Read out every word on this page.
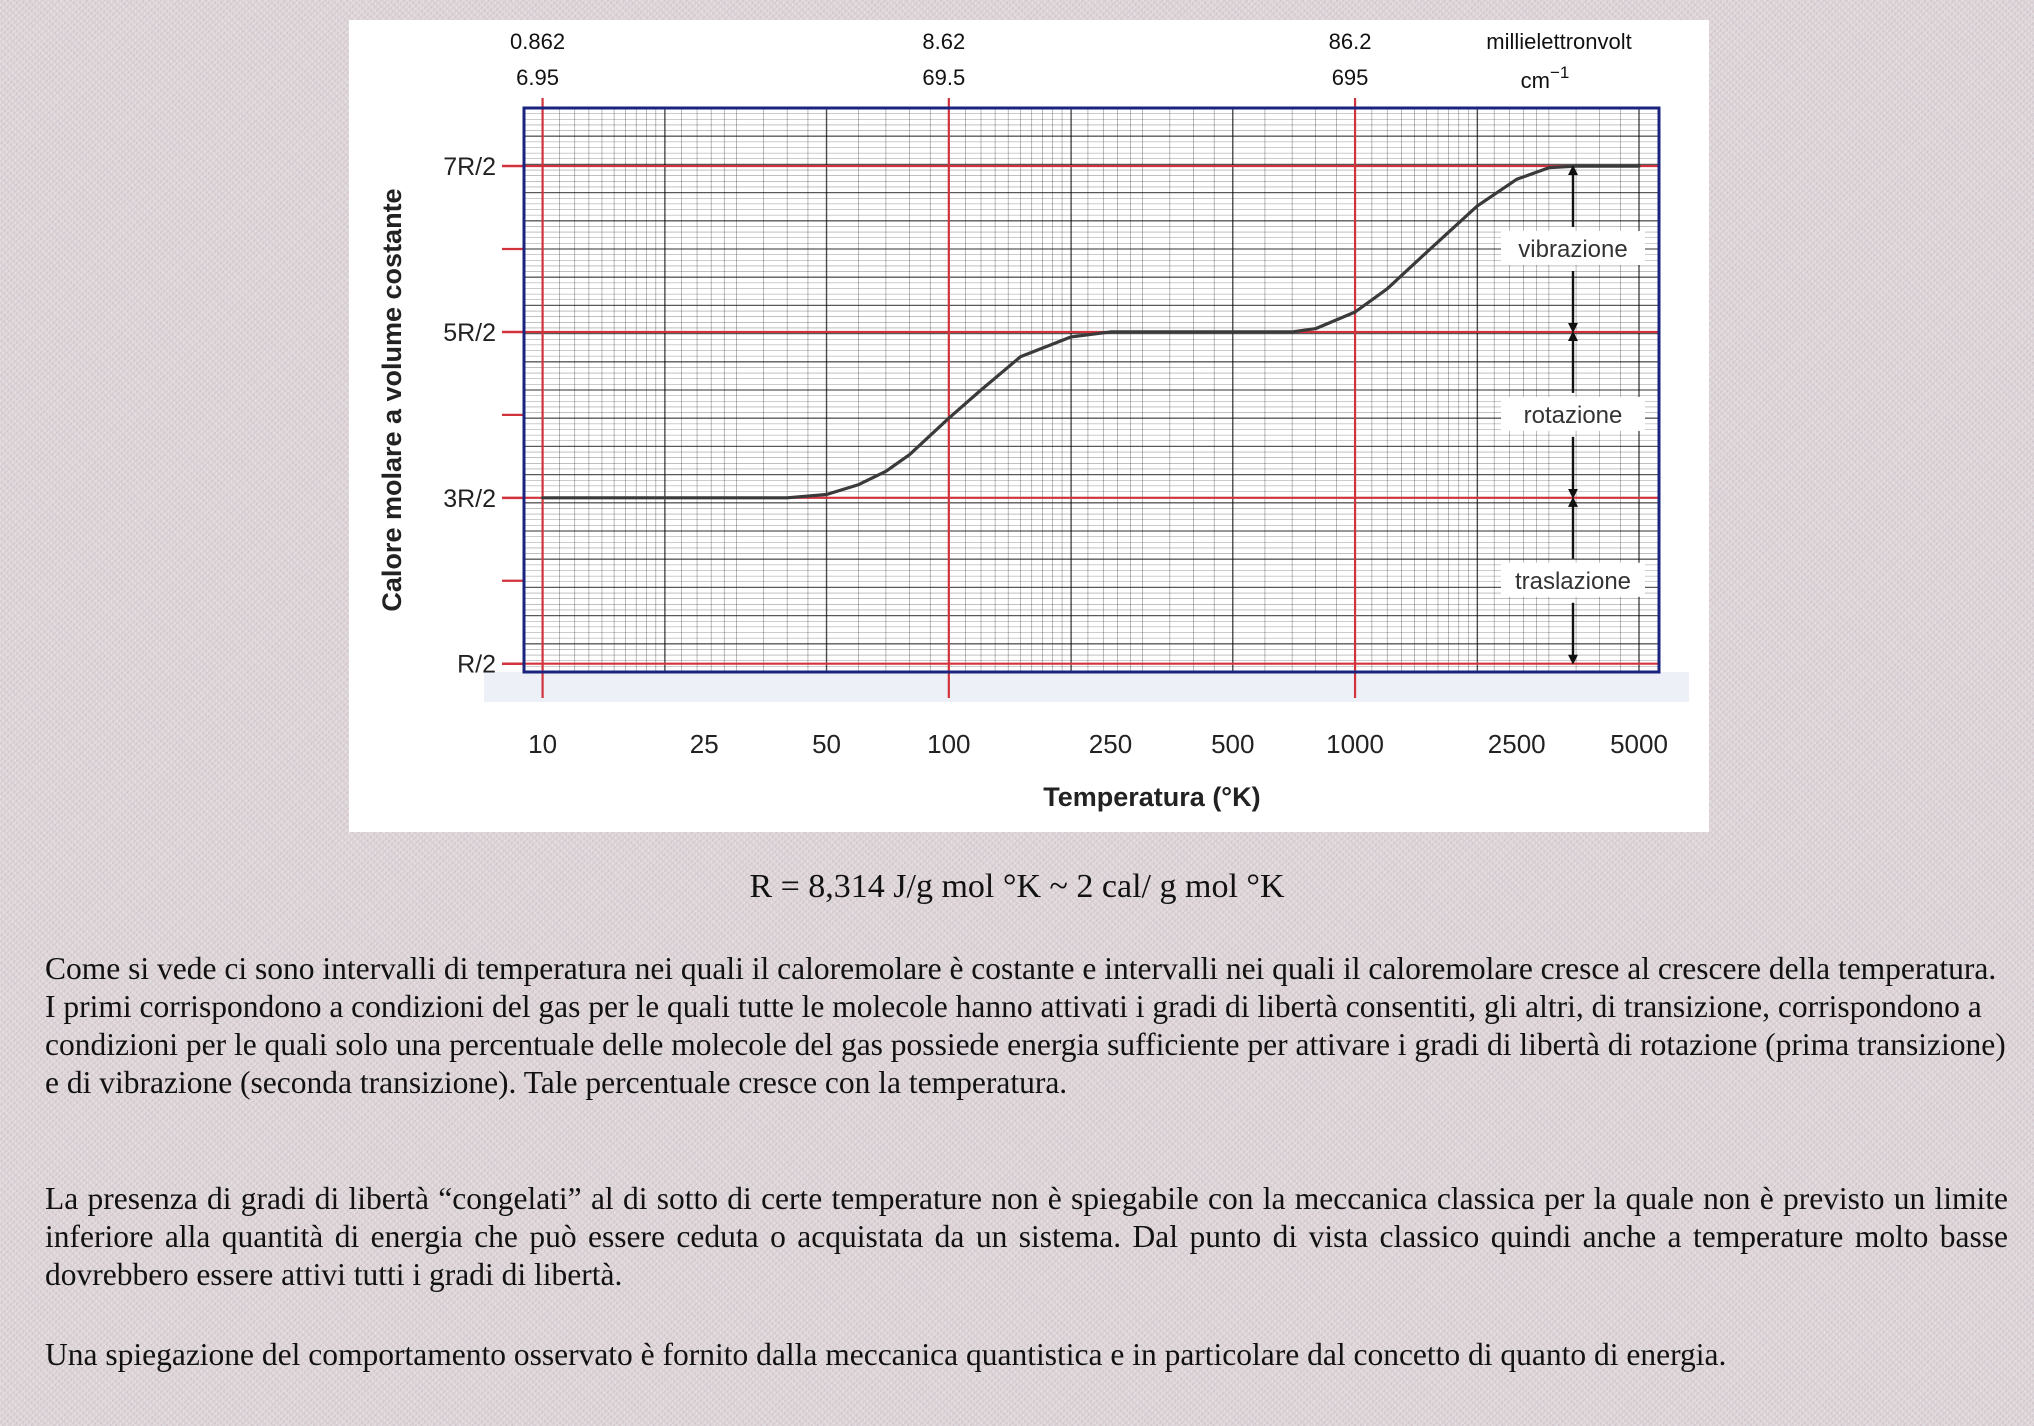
R/2
3R/2
5R/2
7R/2
10	25	50	100	250	500	1000	2500 5000
Temperatura (°K)
Calore molare a volume costante
0.862
6.95
8.62
69.5
86.2
695
millielettronvolt
$cm^{-1}$
vibrazione
rotazione
traslazione
R = 8,314 J/g mol °K ~ 2 cal/ g mol °K

Come si vede ci sono intervalli di temperatura nei quali il caloremolare è costante e intervalli nei quali il caloremolare cresce al crescere della temperatura. I primi corrispondono a condizioni del gas per le quali tutte le molecole hanno attivati i gradi di libertà consentiti, gli altri, di transizione, corrispondono a condizioni per le quali solo una percentuale delle molecole del gas possiede energia sufficiente per attivare i gradi di libertà di rotazione (prima transizione) e di vibrazione (seconda transizione). Tale percentuale cresce con la temperatura.

La presenza di gradi di libertà “congelati” al di sotto di certe temperature non è spiegabile con la meccanica classica per la quale non è previsto un limite inferiore alla quantità di energia che può essere ceduta o acquistata da un sistema. Dal punto di vista classico quindi anche a temperature molto basse dovrebbero essere attivi tutti i gradi di libertà.

Una spiegazione del comportamento osservato è fornito dalla meccanica quantistica e in particolare dal concetto di quanto di energia.
